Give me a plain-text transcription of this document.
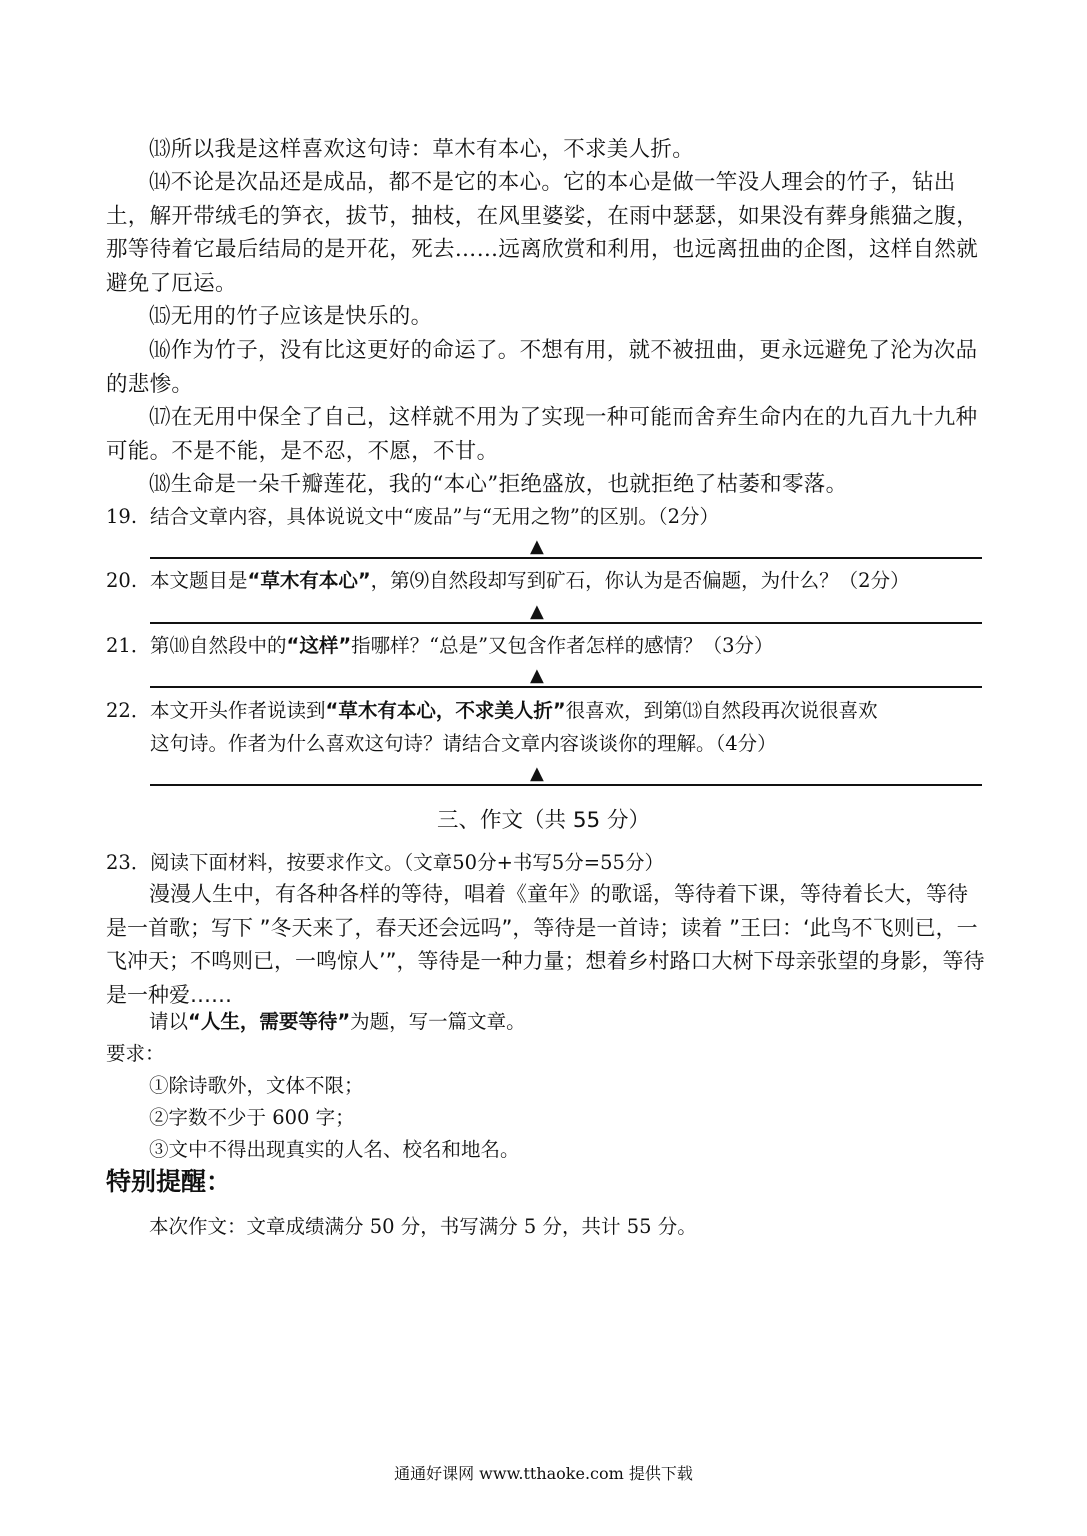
⒀所以我是这样喜欢这句诗：草木有本心，不求美人折。

⒁不论是次品还是成品，都不是它的本心。它的本心是做一竿没人理会的竹子，钻出土，解开带绒毛的笋衣，拔节，抽枝，在风里婆娑，在雨中瑟瑟，如果没有葬身熊猫之腹，那等待着它最后结局的是开花，死去……远离欣赏和利用，也远离扭曲的企图，这样自然就避免了厄运。

⒂无用的竹子应该是快乐的。

⒃作为竹子，没有比这更好的命运了。不想有用，就不被扭曲，更永远避免了沦为次品的悲惨。

⒄在无用中保全了自己，这样就不用为了实现一种可能而舍弃生命内在的九百九十九种可能。不是不能，是不忍，不愿，不甘。

⒅生命是一朵千瓣莲花，我的“本心”拒绝盛放，也就拒绝了枯萎和零落。

19. 结合文章内容，具体说说文中“废品”与“无用之物”的区别。（2分）
▲
20. 本文题目是“草木有本心”，第⑼自然段却写到矿石，你认为是否偏题，为什么？（2分）
▲
21．第⑽自然段中的“这样”指哪样？“总是”又包含作者怎样的感情？（3分）
▲
22．本文开头作者说读到“草木有本心，不求美人折”很喜欢，到第⒀自然段再次说很喜欢
这句诗。作者为什么喜欢这句诗？请结合文章内容谈谈你的理解。（4分）
▲
三、作文（共 55 分）
23．阅读下面材料，按要求作文。（文章50分+书写5分=55分）

漫漫人生中，有各种各样的等待，唱着《童年》的歌谣，等待着下课，等待着长大，等待是一首歌；写下 ”冬天来了，春天还会远吗”，等待是一首诗；读着 ”王曰：‘此鸟不飞则已，一飞冲天；不鸣则已，一鸣惊人’”，等待是一种力量；想着乡村路口大树下母亲张望的身影，等待是一种爱……

请以“人生，需要等待”为题，写一篇文章。
要求：
①除诗歌外，文体不限；
②字数不少于 600 字；
③文中不得出现真实的人名、校名和地名。
特别提醒：
本次作文：文章成绩满分 50 分，书写满分 5 分，共计 55 分。
通通好课网 www.tthaoke.com 提供下载
